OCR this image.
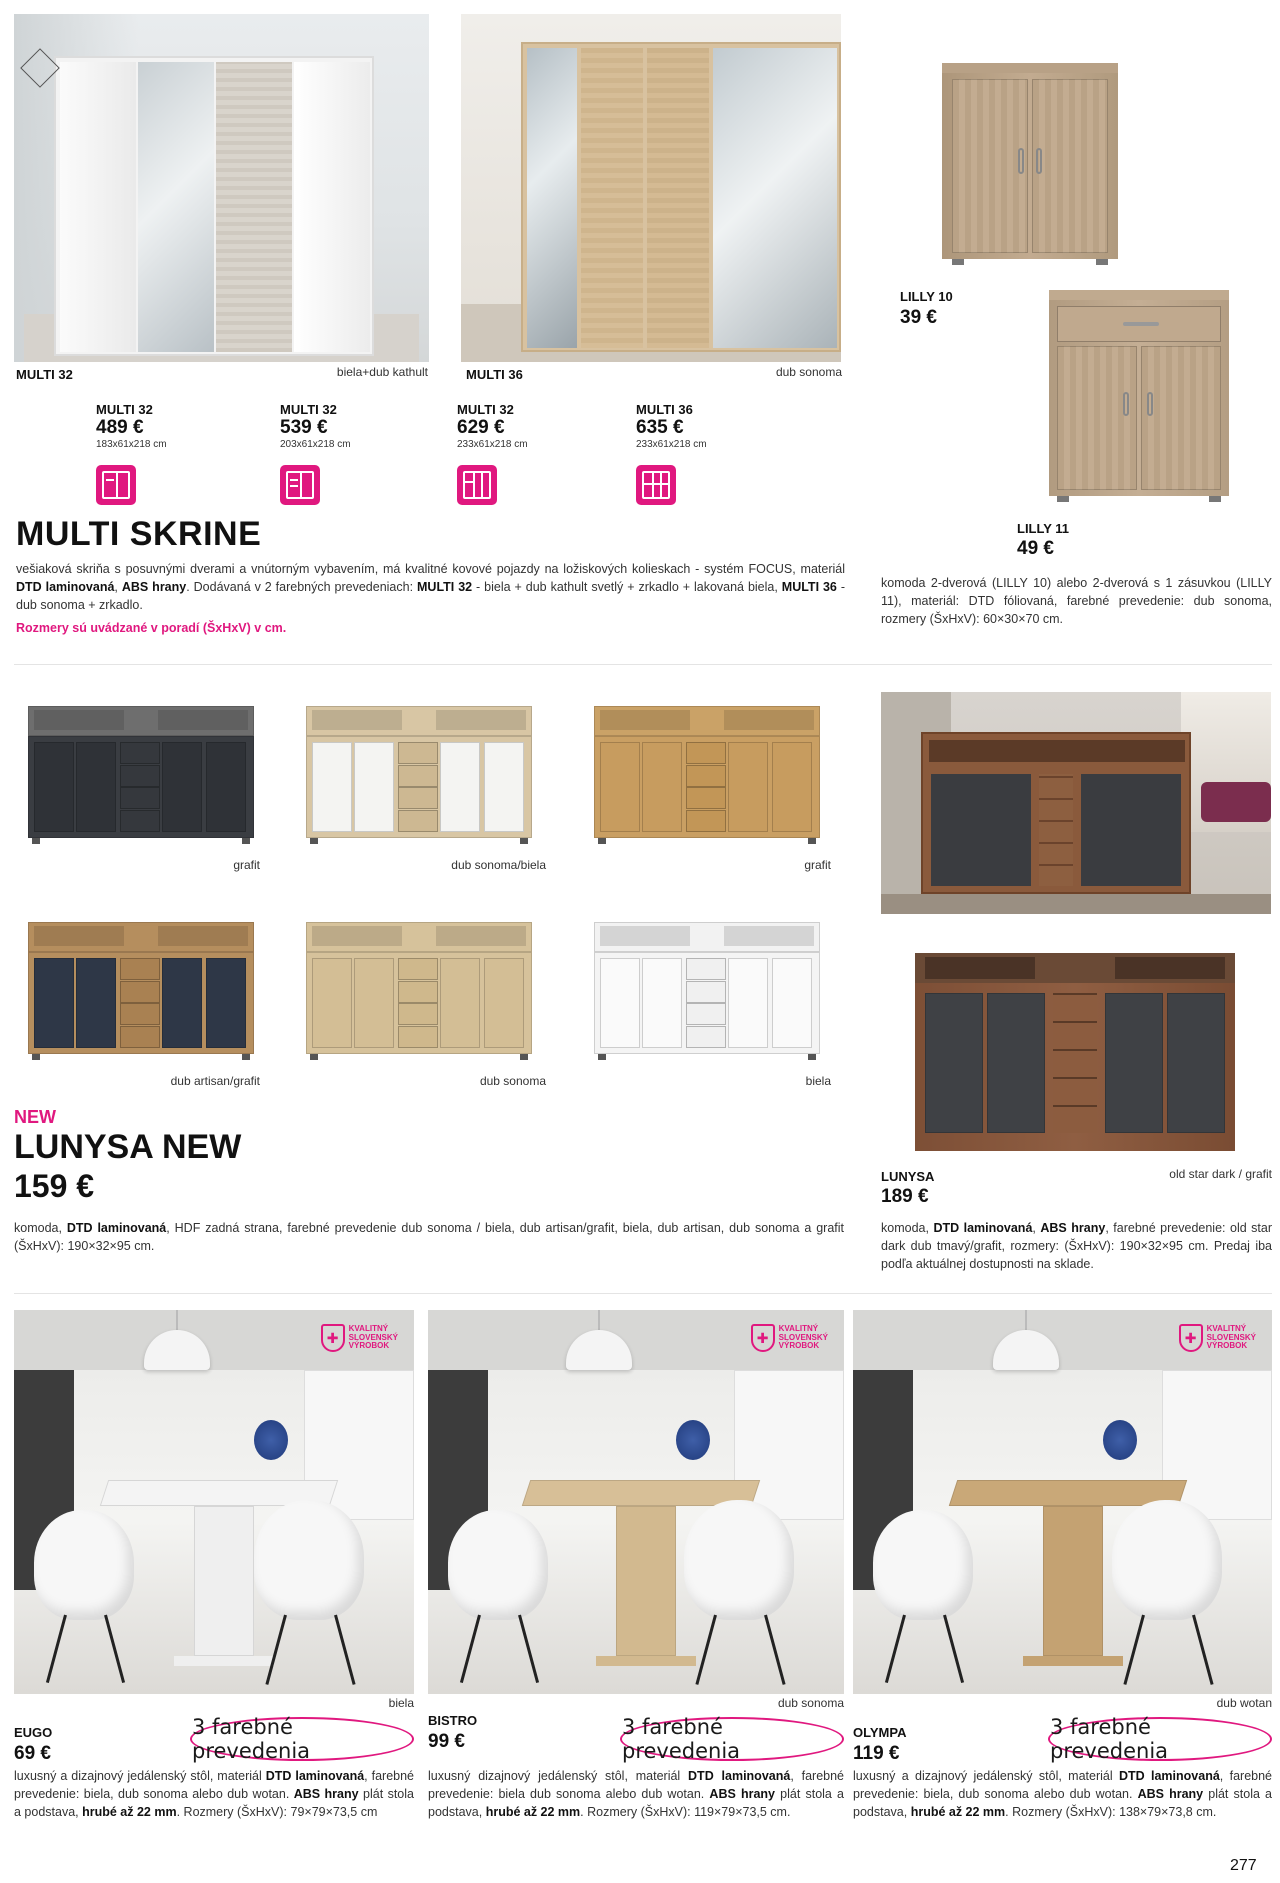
MULTI 32	biela+dub kathult	MULTI 36	dub sonoma
MULTI 32
489 €
183x61x218 cm
MULTI 32
539 €
203x61x218 cm
MULTI 32
629 €
233x61x218 cm
MULTI 36
635 €
233x61x218 cm
MULTI SKRINE
vešiaková skriňa s posuvnými dverami a vnútorným vybavením, má kvalitné kovové pojazdy na ložiskových kolieskach - systém FOCUS, materiál DTD laminovaná, ABS hrany. Dodávaná v 2 farebných prevedeniach: MULTI 32 - biela + dub kathult svetlý + zrkadlo + lakovaná biela, MULTI 36 - dub sonoma + zrkadlo.
Rozmery sú uvádzané v poradí (ŠxHxV) v cm.
LILLY 10
39 €
LILLY 11
49 €
komoda 2-dverová (LILLY 10) alebo 2-dverová s 1 zásuvkou (LILLY 11), materiál: DTD fóliovaná, farebné prevedenie: dub sonoma, rozmery (ŠxHxV): 60×30×70 cm.
grafit	dub sonoma/biela	grafit
dub artisan/grafit	dub sonoma	biela
NEW
LUNYSA NEW
159 €
komoda, DTD laminovaná, HDF zadná strana, farebné prevedenie dub sonoma / biela, dub artisan/grafit, biela, dub artisan, dub sonoma a grafit (ŠxHxV): 190×32×95 cm.
LUNYSA	old star dark / grafit
189 €
komoda, DTD laminovaná, ABS hrany, farebné prevedenie: old star dark dub tmavý/grafit, rozmery: (ŠxHxV): 190×32×95 cm. Predaj iba podľa aktuálnej dostupnosti na sklade.
✚
KVALITNÝ
SLOVENSKÝ
VÝROBOK
biela
EUGO
69 €
3 farebné prevedenia
luxusný a dizajnový jedálenský stôl, materiál DTD laminovaná, farebné prevedenie: biela, dub sonoma alebo dub wotan. ABS hrany plát stola a podstava, hrubé až 22 mm. Rozmery (ŠxHxV): 79×79×73,5 cm
✚
KVALITNÝ
SLOVENSKÝ
VÝROBOK
dub sonoma
BISTRO
99 €
3 farebné prevedenia
luxusný dizajnový jedálenský stôl, materiál DTD laminovaná, farebné prevedenie: biela dub sonoma alebo dub wotan. ABS hrany plát stola a podstava, hrubé až 22 mm. Rozmery (ŠxHxV): 119×79×73,5 cm.
✚
KVALITNÝ
SLOVENSKÝ
VÝROBOK
dub wotan
OLYMPA
119 €
3 farebné prevedenia
luxusný a dizajnový jedálenský stôl, materiál DTD laminovaná, farebné prevedenie: biela, dub sonoma alebo dub wotan. ABS hrany plát stola a podstava, hrubé až 22 mm. Rozmery (ŠxHxV): 138×79×73,8 cm.
277
